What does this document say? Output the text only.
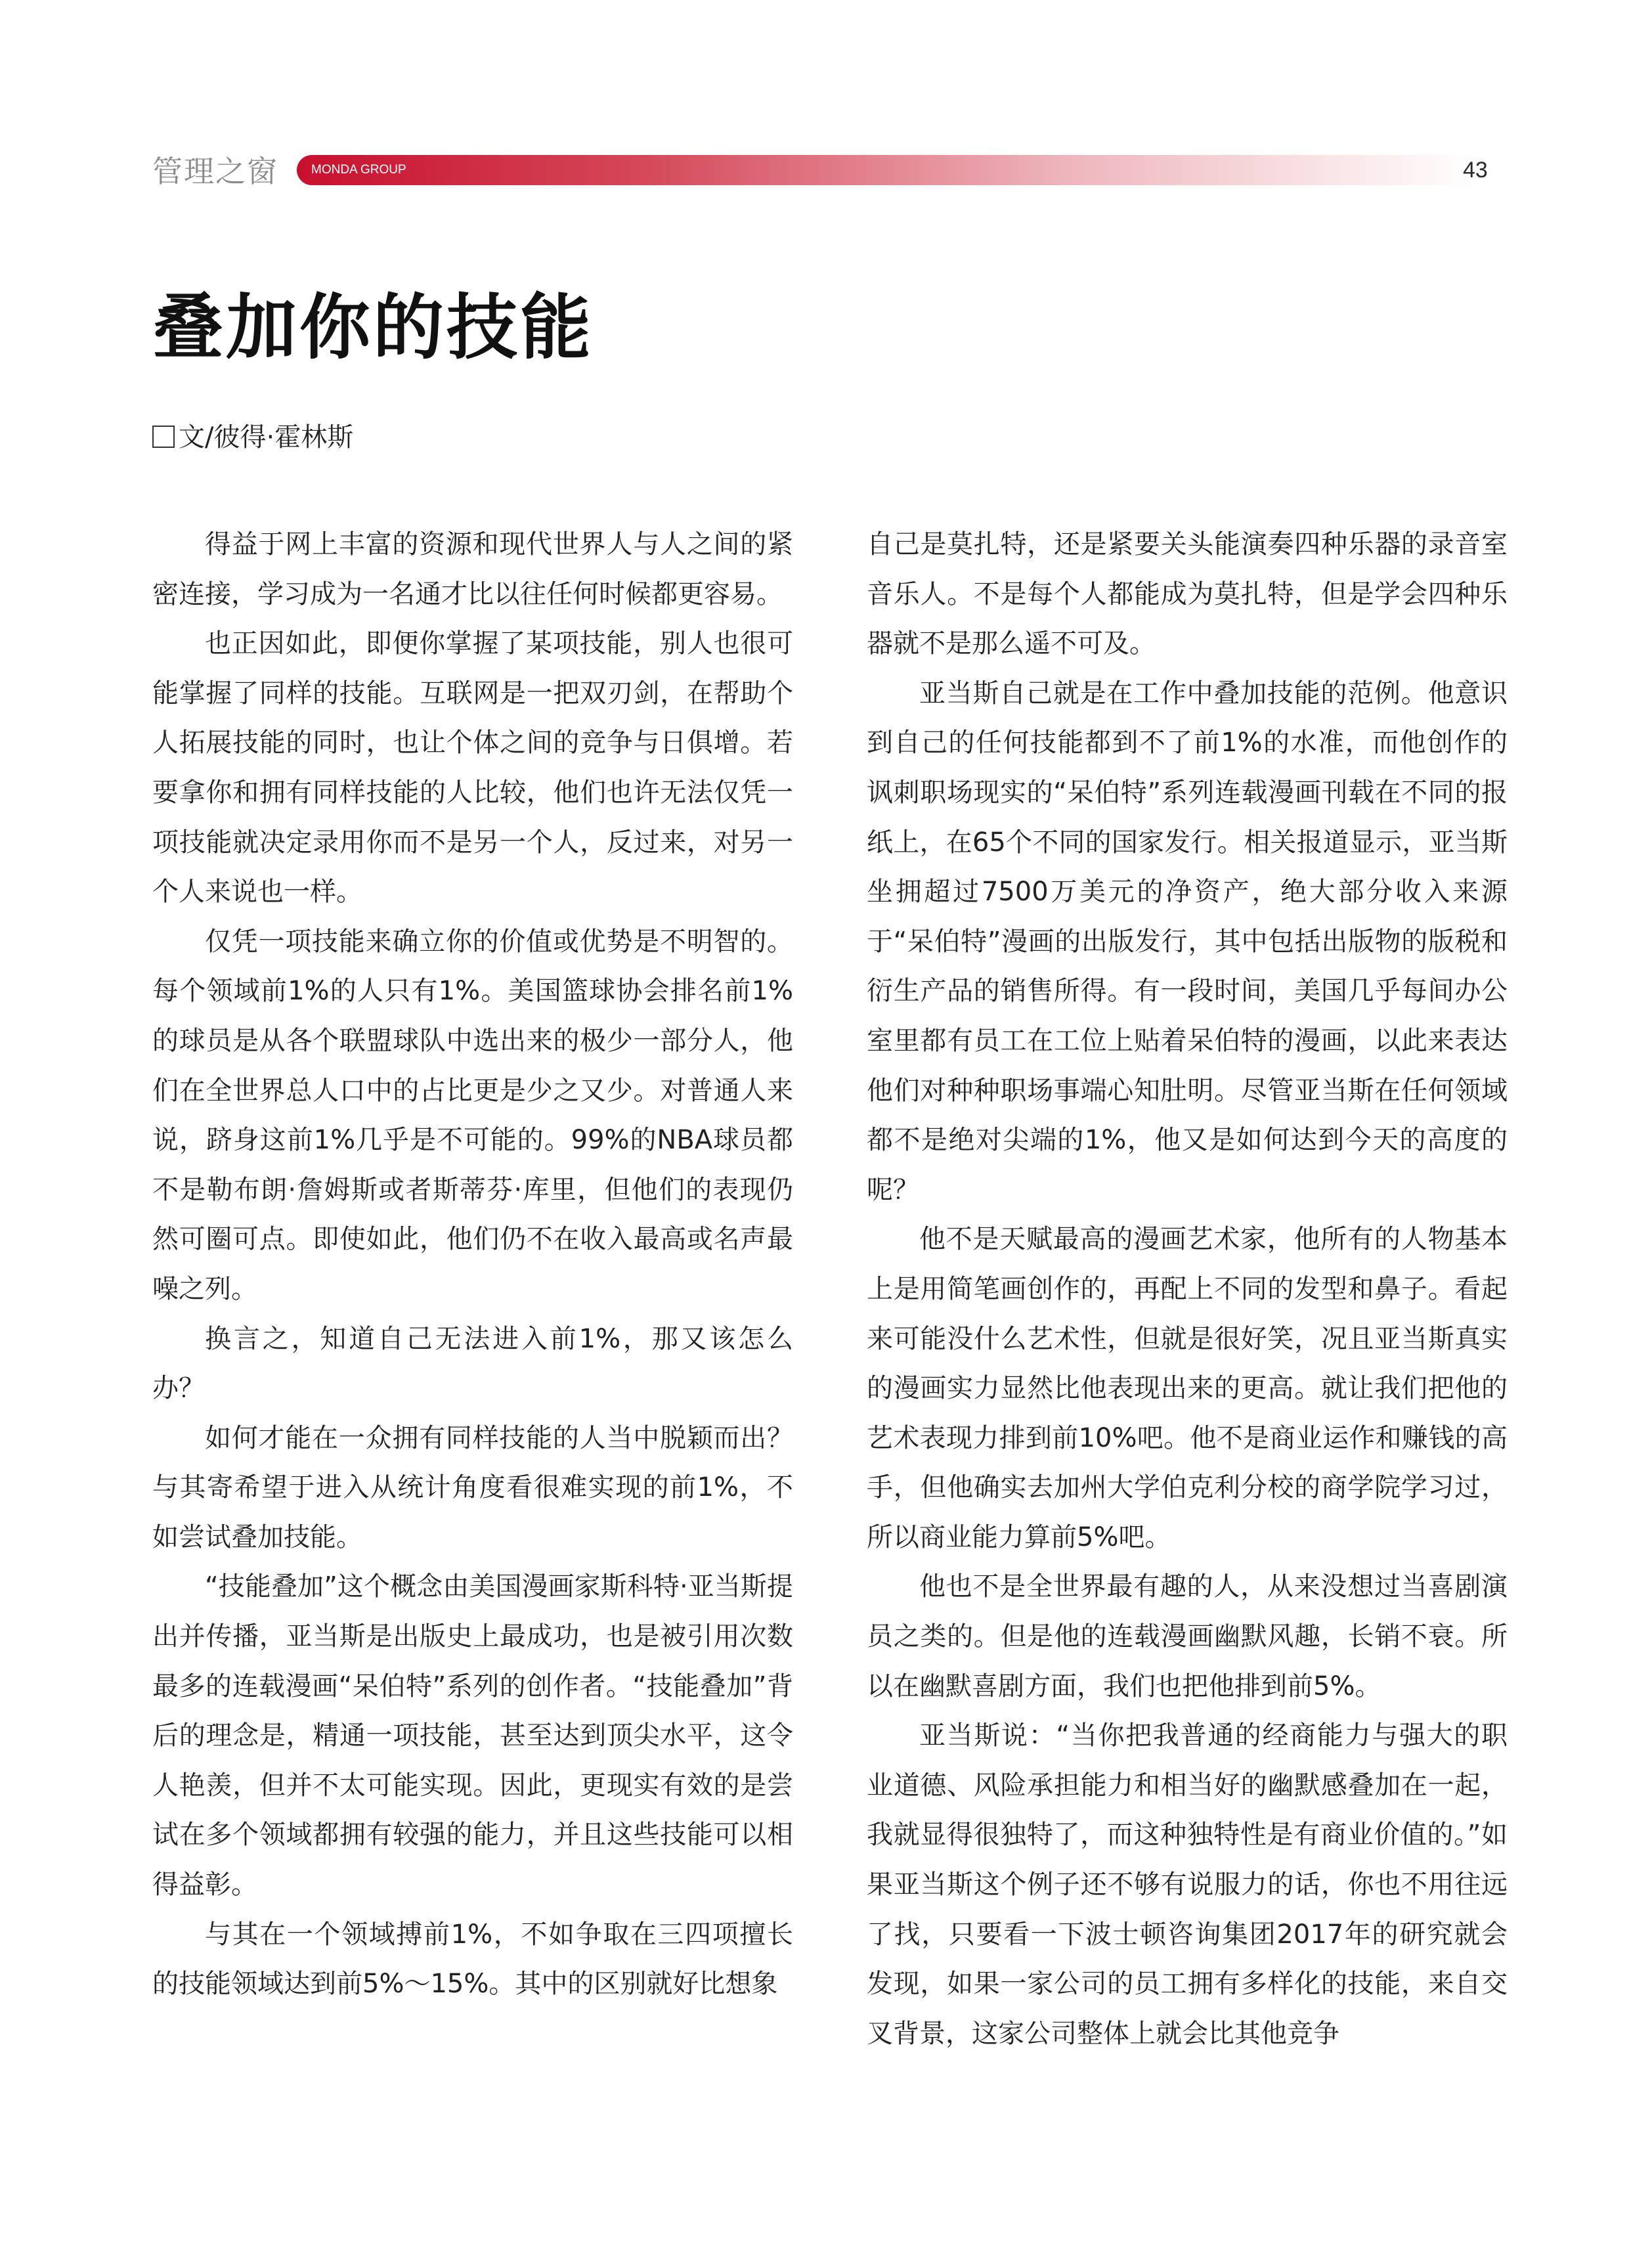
管理之窗	MONDA GROUP	43
叠加你的技能
文/彼得·霍林斯

得益于网上丰富的资源和现代世界人与人之间的紧密连接，学习成为一名通才比以往任何时候都更容易。

也正因如此，即便你掌握了某项技能，别人也很可能掌握了同样的技能。互联网是一把双刃剑，在帮助个人拓展技能的同时，也让个体之间的竞争与日俱增。若要拿你和拥有同样技能的人比较，他们也许无法仅凭一项技能就决定录用你而不是另一个人，反过来，对另一个人来说也一样。

仅凭一项技能来确立你的价值或优势是不明智的。每个领域前1%的人只有1%。美国篮球协会排名前1%的球员是从各个联盟球队中选出来的极少一部分人，他们在全世界总人口中的占比更是少之又少。对普通人来说，跻身这前1%几乎是不可能的。99%的NBA球员都不是勒布朗·詹姆斯或者斯蒂芬·库里，但他们的表现仍然可圈可点。即使如此，他们仍不在收入最高或名声最噪之列。

换言之，知道自己无法进入前1%，那又该怎么办？

如何才能在一众拥有同样技能的人当中脱颖而出？与其寄希望于进入从统计角度看很难实现的前1%，不如尝试叠加技能。

“技能叠加”这个概念由美国漫画家斯科特·亚当斯提出并传播，亚当斯是出版史上最成功，也是被引用次数最多的连载漫画“呆伯特”系列的创作者。“技能叠加”背后的理念是，精通一项技能，甚至达到顶尖水平，这令人艳羡，但并不太可能实现。因此，更现实有效的是尝试在多个领域都拥有较强的能力，并且这些技能可以相得益彰。

与其在一个领域搏前1%，不如争取在三四项擅长的技能领域达到前5%～15%。其中的区别就好比想象

自己是莫扎特，还是紧要关头能演奏四种乐器的录音室音乐人。不是每个人都能成为莫扎特，但是学会四种乐器就不是那么遥不可及。

亚当斯自己就是在工作中叠加技能的范例。他意识到自己的任何技能都到不了前1%的水准，而他创作的讽刺职场现实的“呆伯特”系列连载漫画刊载在不同的报纸上，在65个不同的国家发行。相关报道显示，亚当斯坐拥超过7500万美元的净资产，绝大部分收入来源于“呆伯特”漫画的出版发行，其中包括出版物的版税和衍生产品的销售所得。有一段时间，美国几乎每间办公室里都有员工在工位上贴着呆伯特的漫画，以此来表达他们对种种职场事端心知肚明。尽管亚当斯在任何领域都不是绝对尖端的1%，他又是如何达到今天的高度的呢？

他不是天赋最高的漫画艺术家，他所有的人物基本上是用简笔画创作的，再配上不同的发型和鼻子。看起来可能没什么艺术性，但就是很好笑，况且亚当斯真实的漫画实力显然比他表现出来的更高。就让我们把他的艺术表现力排到前10%吧。他不是商业运作和赚钱的高手，但他确实去加州大学伯克利分校的商学院学习过，所以商业能力算前5%吧。

他也不是全世界最有趣的人，从来没想过当喜剧演员之类的。但是他的连载漫画幽默风趣，长销不衰。所以在幽默喜剧方面，我们也把他排到前5%。

亚当斯说：“当你把我普通的经商能力与强大的职业道德、风险承担能力和相当好的幽默感叠加在一起，我就显得很独特了，而这种独特性是有商业价值的。”如果亚当斯这个例子还不够有说服力的话，你也不用往远了找，只要看一下波士顿咨询集团2017年的研究就会发现，如果一家公司的员工拥有多样化的技能，来自交叉背景，这家公司整体上就会比其他竞争
